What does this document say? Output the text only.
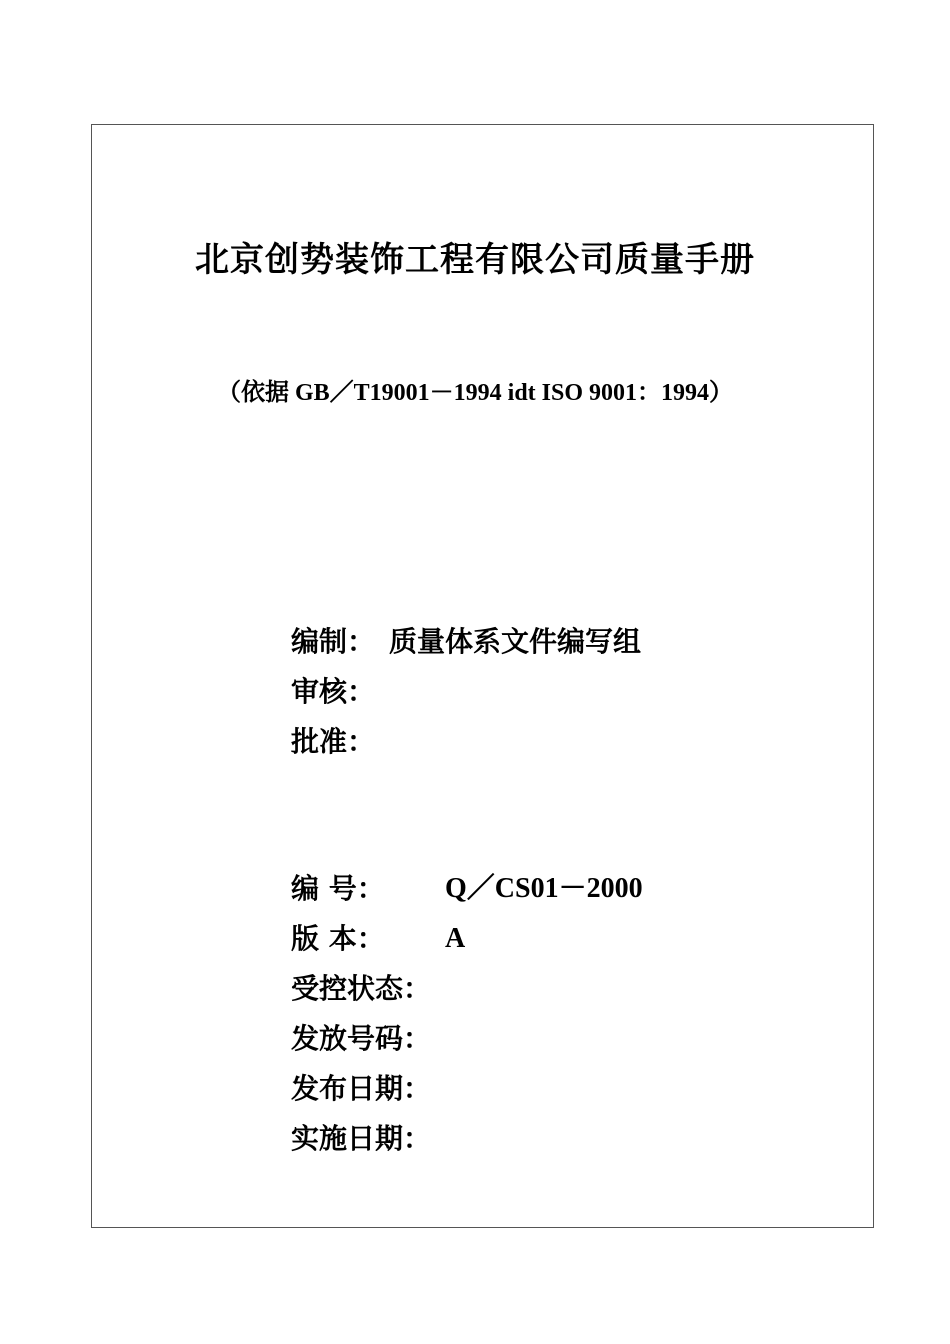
北京创势装饰工程有限公司质量手册
（依据 GB／T19001－1994 idt ISO 9001：1994）
编制： 质量体系文件编写组
审核：
批准：
编 号：	Q／CS01－2000
版 本：	A
受控状态：
发放号码：
发布日期：
实施日期：
